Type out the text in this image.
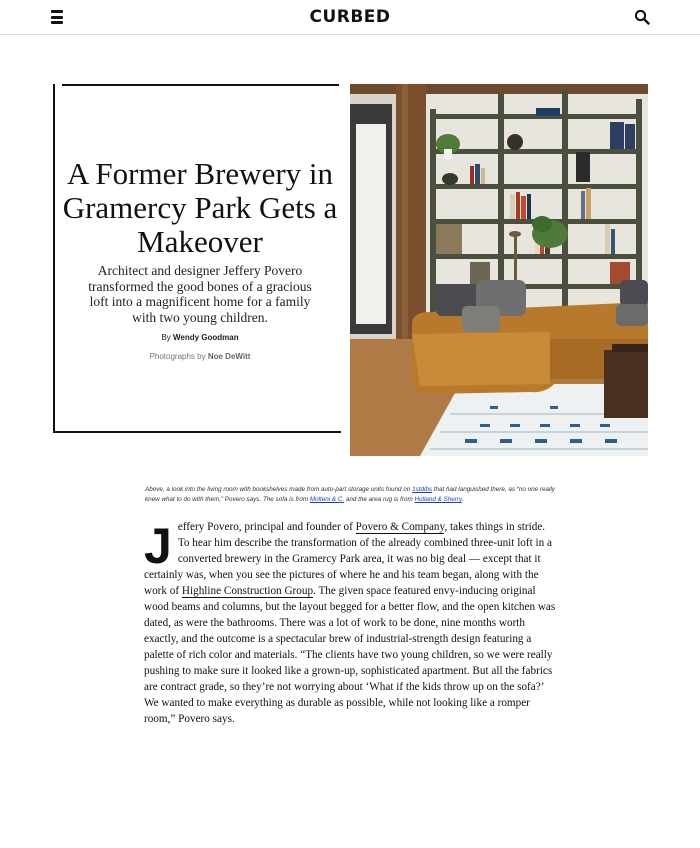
CURBED
A Former Brewery in Gramercy Park Gets a Makeover

Architect and designer Jeffery Povero transformed the good bones of a gracious loft into a magnificent home for a family with two young children.

By Wendy Goodman
Photographs by Noe DeWitt
Above, a look into the living room with bookshelves made from auto-part storage units found on 1stdibs that had languished there, as “no one really knew what to do with them,” Povero says. The sofa is from Molteni & C. and the area rug is from Holland & Sherry.
Jeffery Povero, principal and founder of Povero & Company, takes things in stride. To hear him describe the transformation of the already combined three-unit loft in a converted brewery in the Gramercy Park area, it was no big deal — except that it certainly was, when you see the pictures of where he and his team began, along with the work of Highline Construction Group. The given space featured envy-inducing original wood beams and columns, but the layout begged for a better flow, and the open kitchen was dated, as were the bathrooms. There was a lot of work to be done, nine months worth exactly, and the outcome is a spectacular brew of industrial-strength design featuring a palette of rich color and materials. “The clients have two young children, so we were really pushing to make sure it looked like a grown-up, sophisticated apartment. But all the fabrics are contract grade, so they’re not worrying about ‘What if the kids throw up on the sofa?’ We wanted to make everything as durable as possible, while not looking like a romper room,” Povero says.
